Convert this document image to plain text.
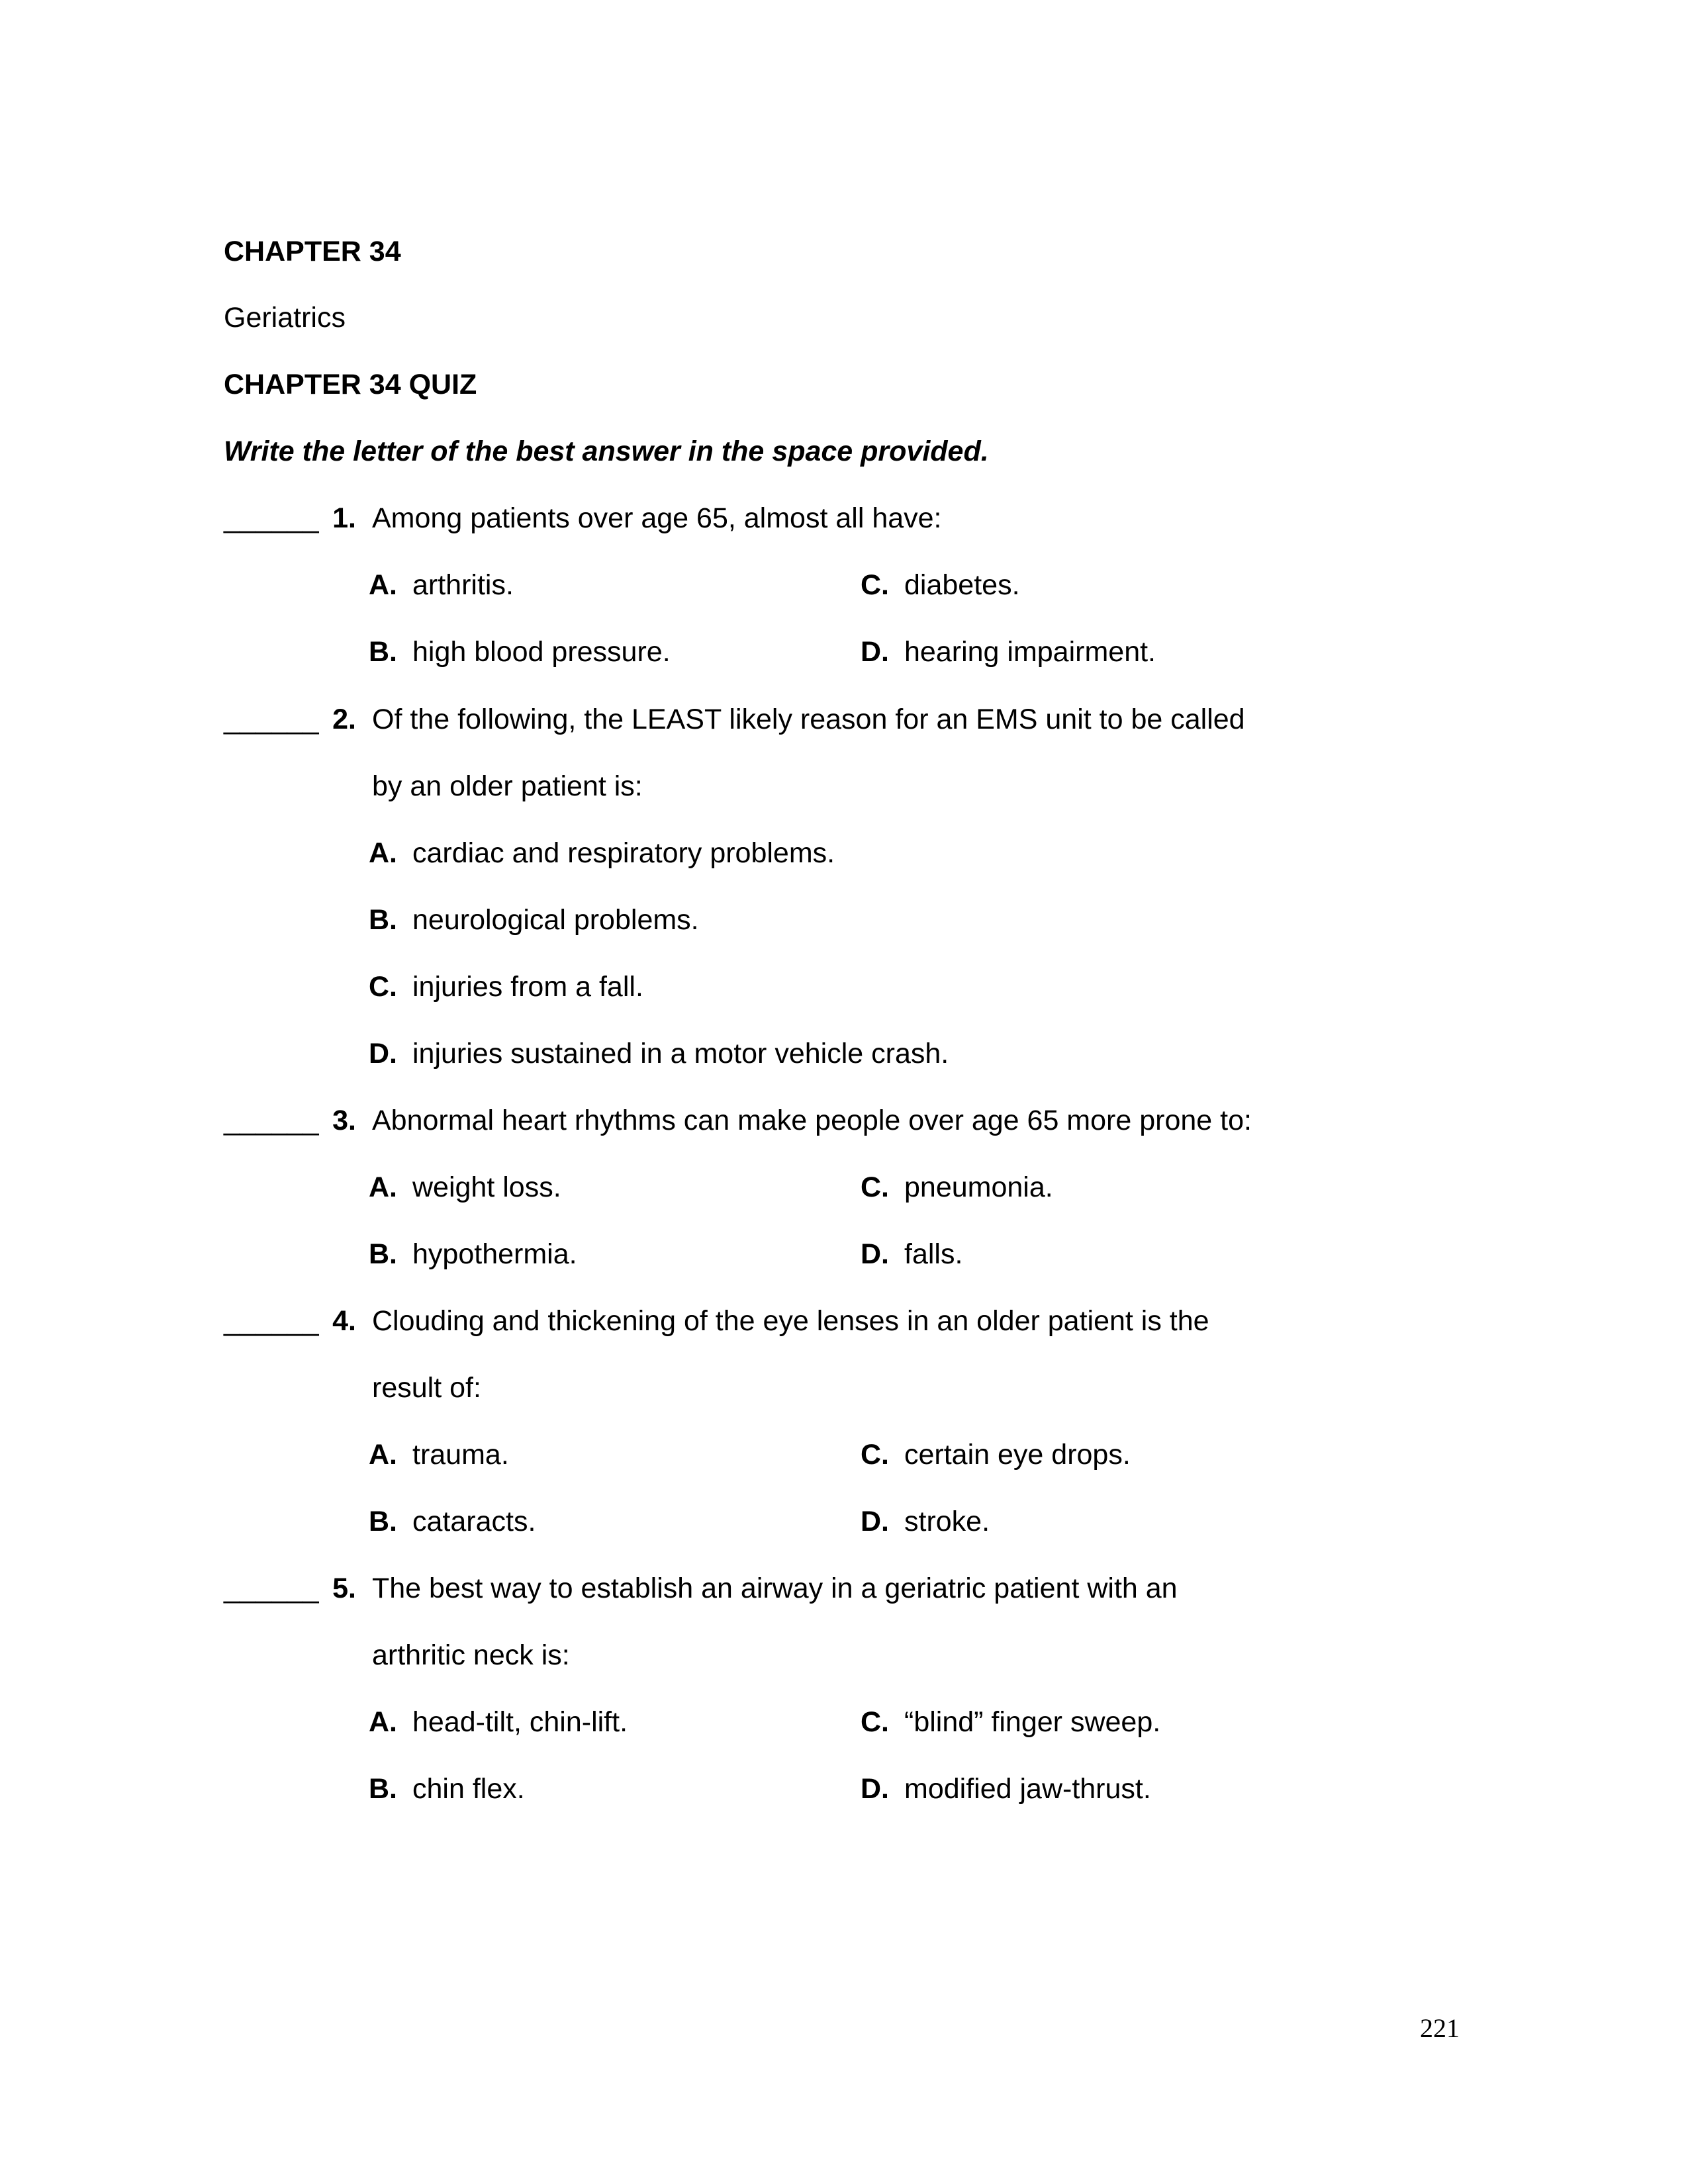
CHAPTER 34
Geriatrics
CHAPTER 34 QUIZ
Write the letter of the best answer in the space provided.
______ 1. Among patients over age 65, almost all have:
A. arthritis.
B. high blood pressure.
C. diabetes.
D. hearing impairment.
______ 2. Of the following, the LEAST likely reason for an EMS unit to be called
by an older patient is:
A. cardiac and respiratory problems.
B. neurological problems.
C. injuries from a fall.
D. injuries sustained in a motor vehicle crash.
______ 3. Abnormal heart rhythms can make people over age 65 more prone to:
A. weight loss.
B. hypothermia.
C. pneumonia.
D. falls.
______ 4. Clouding and thickening of the eye lenses in an older patient is the
result of:
A. trauma.
B. cataracts.
C. certain eye drops.
D. stroke.
______ 5. The best way to establish an airway in a geriatric patient with an
arthritic neck is:
A. head-tilt, chin-lift.
B. chin flex.
C. “blind” finger sweep.
D. modified jaw-thrust.
221
